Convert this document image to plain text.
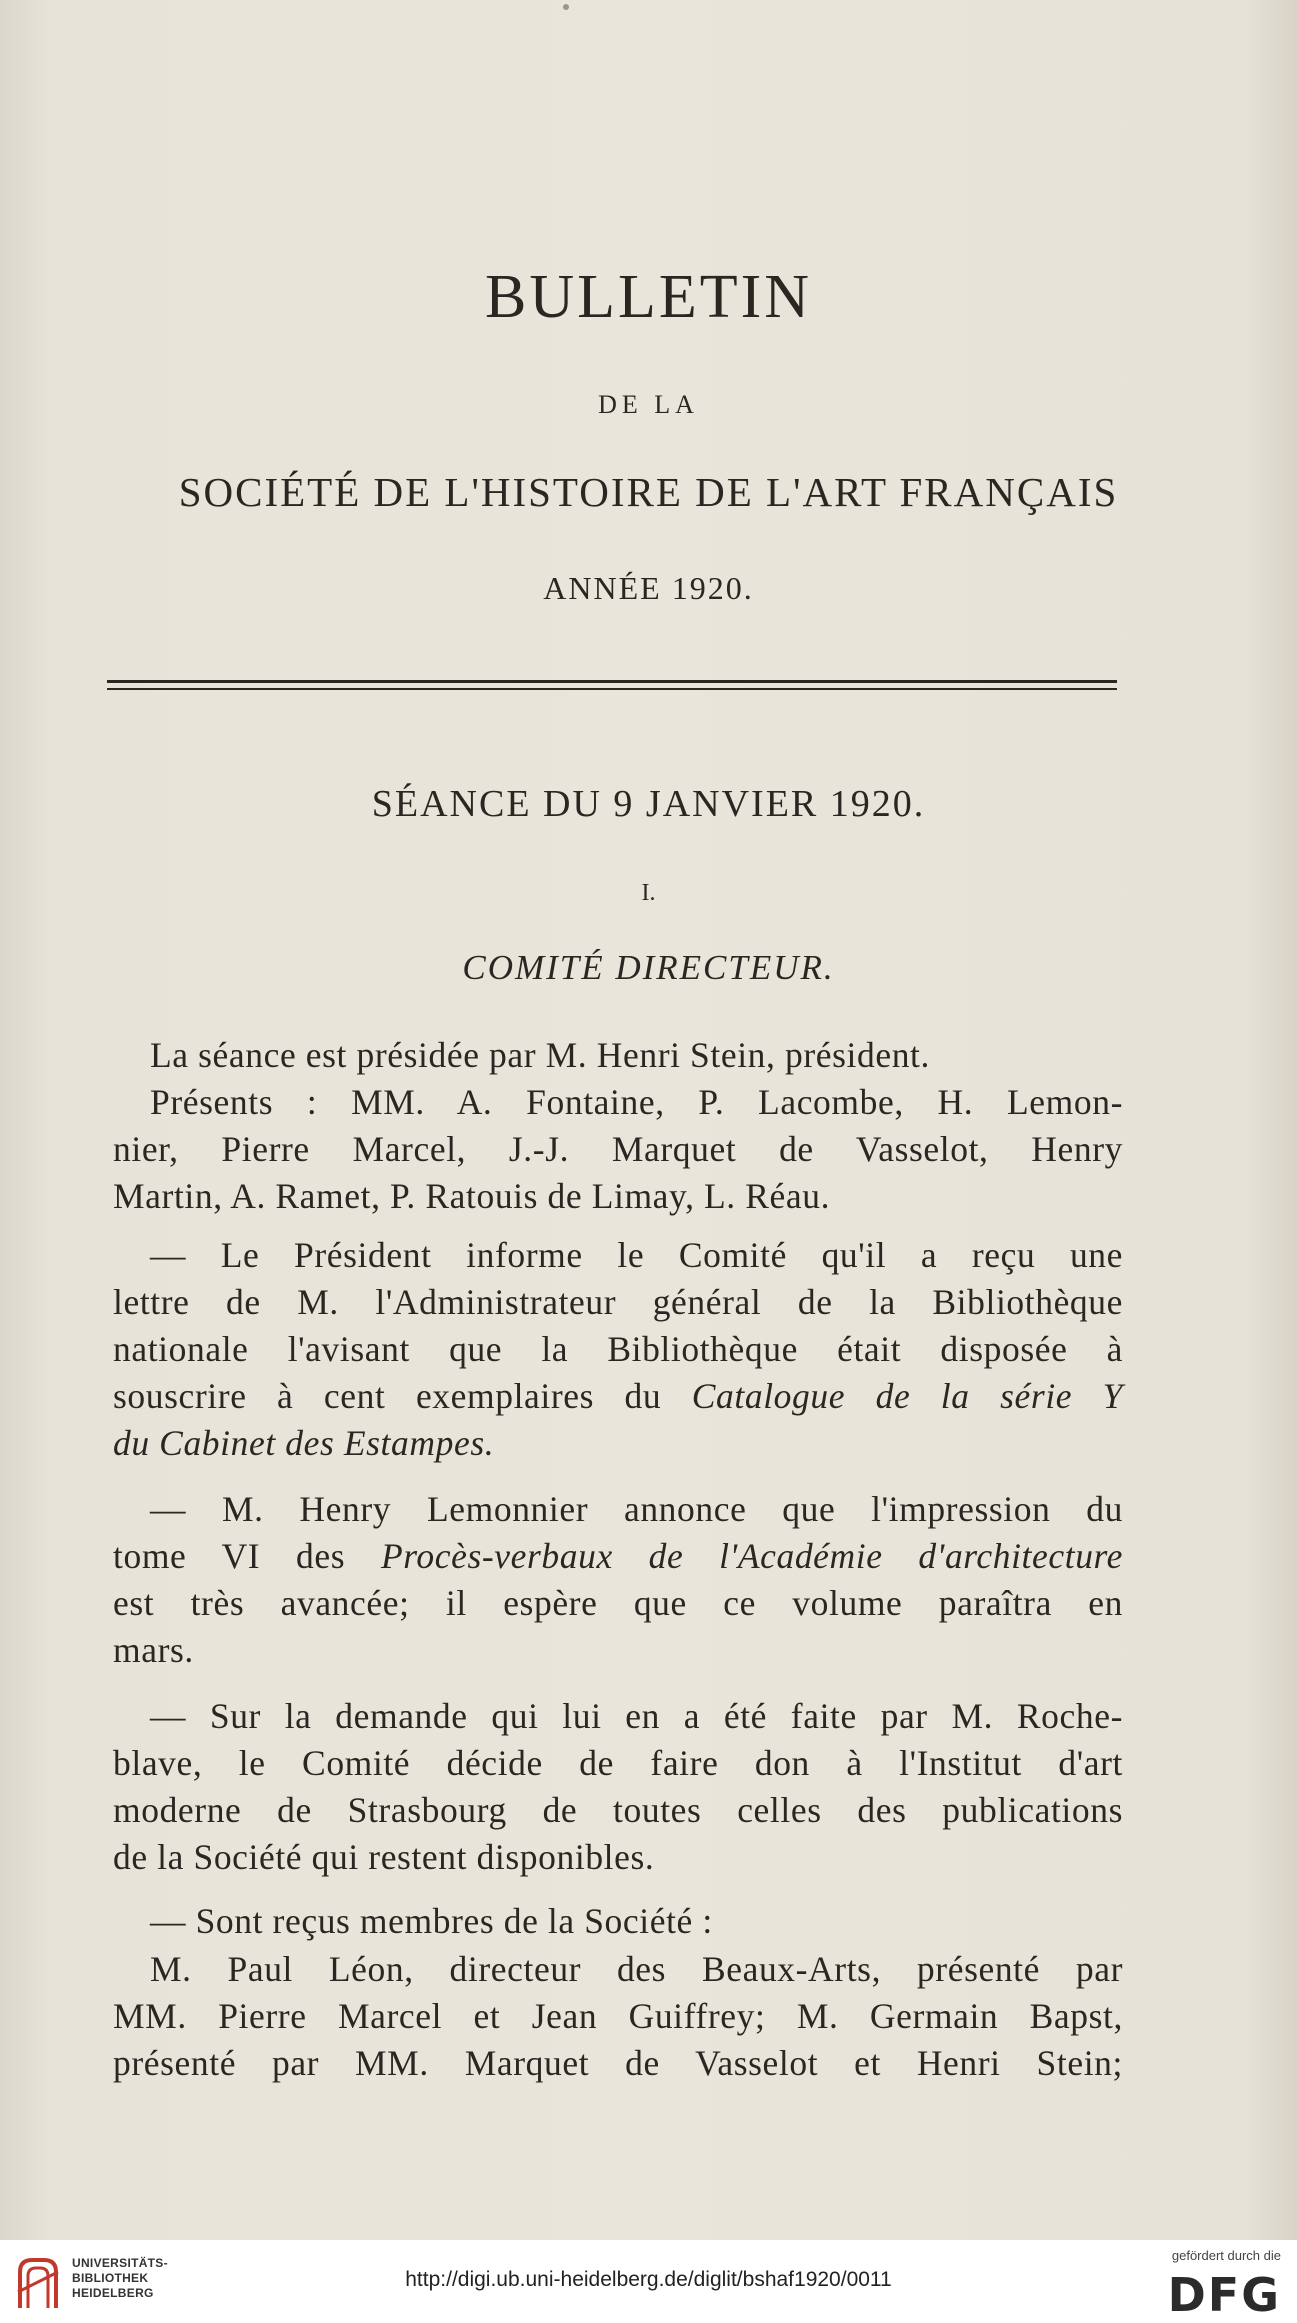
BULLETIN
DE LA
SOCIÉTÉ DE L'HISTOIRE DE L'ART FRANÇAIS
ANNÉE 1920.
SÉANCE DU 9 JANVIER 1920.
I.
COMITÉ DIRECTEUR.
La séance est présidée par M. Henri Stein, président.
Présents : MM. A. Fontaine, P. Lacombe, H. Lemon-
nier, Pierre Marcel, J.-J. Marquet de Vasselot, Henry
Martin, A. Ramet, P. Ratouis de Limay, L. Réau.
— Le Président informe le Comité qu'il a reçu une
lettre de M. l'Administrateur général de la Bibliothèque
nationale l'avisant que la Bibliothèque était disposée à
souscrire à cent exemplaires du Catalogue de la série Y
du Cabinet des Estampes.
— M. Henry Lemonnier annonce que l'impression du
tome VI des Procès-verbaux de l'Académie d'architecture
est très avancée; il espère que ce volume paraîtra en
mars.
— Sur la demande qui lui en a été faite par M. Roche-
blave, le Comité décide de faire don à l'Institut d'art
moderne de Strasbourg de toutes celles des publications
de la Société qui restent disponibles.
— Sont reçus membres de la Société :
M. Paul Léon, directeur des Beaux-Arts, présenté par
MM. Pierre Marcel et Jean Guiffrey; M. Germain Bapst,
présenté par MM. Marquet de Vasselot et Henri Stein;
UNIVERSITÄTS-
BIBLIOTHEK
HEIDELBERG
http://digi.ub.uni-heidelberg.de/diglit/bshaf1920/0011
gefördert durch die
DFG
